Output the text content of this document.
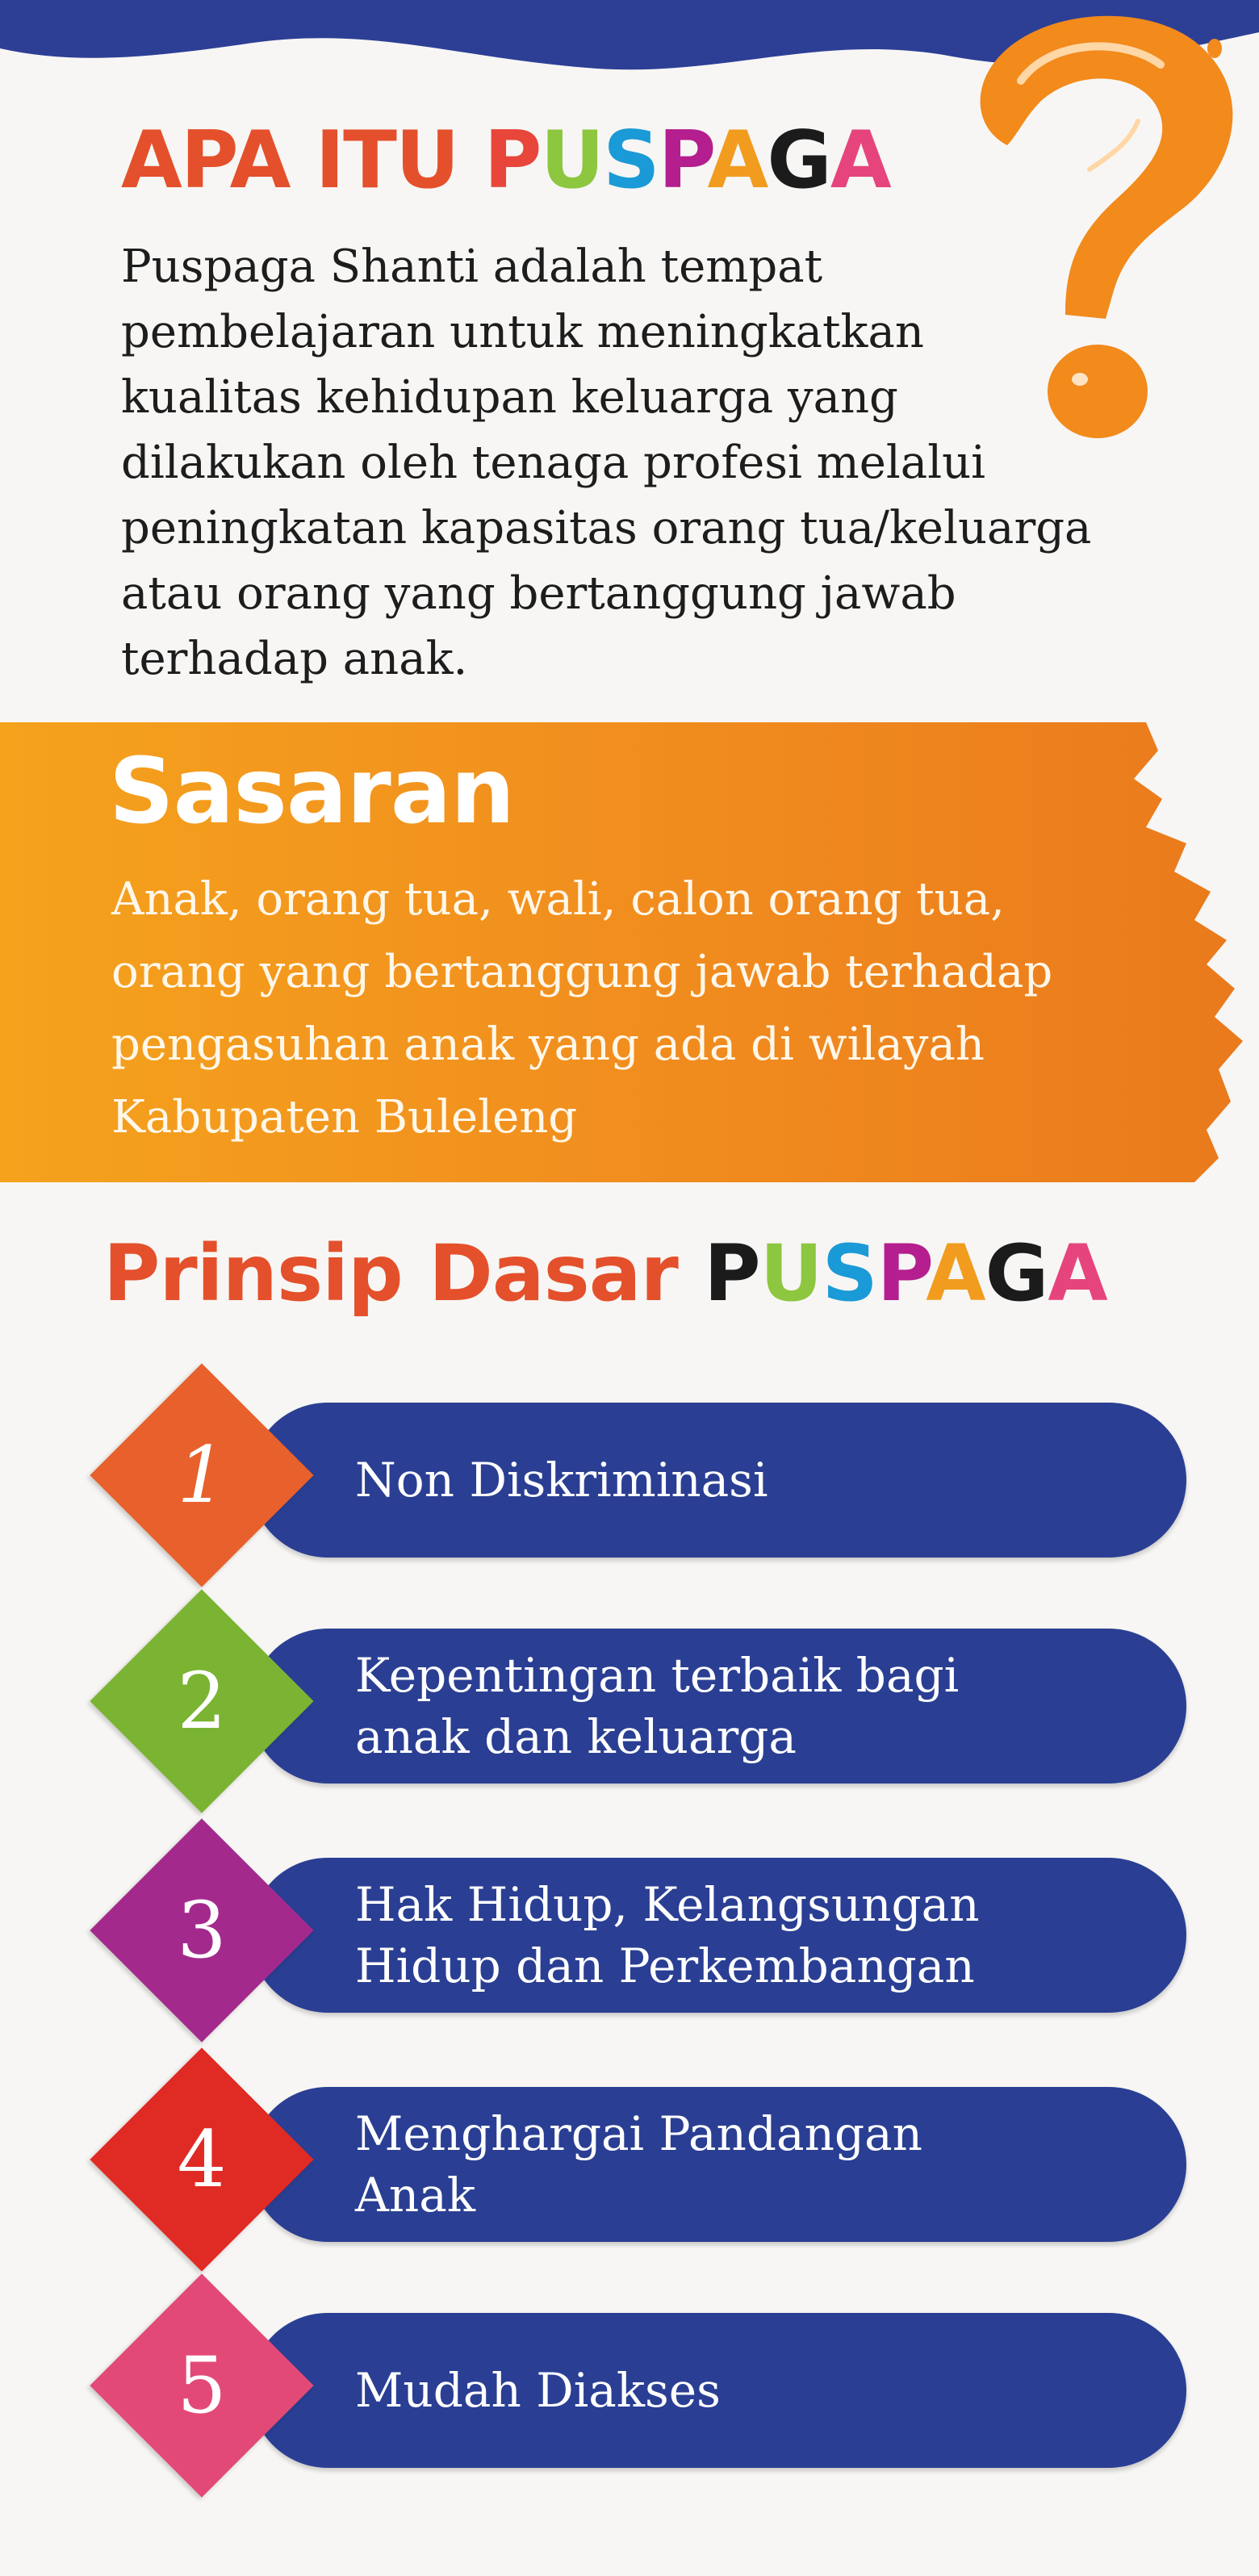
APA ITU PUSPAGA
Puspaga Shanti adalah tempat
pembelajaran untuk meningkatkan
kualitas kehidupan keluarga yang
dilakukan oleh tenaga profesi melalui
peningkatan kapasitas orang tua/keluarga
atau orang yang bertanggung jawab
terhadap anak.
Sasaran
Anak, orang tua, wali, calon orang tua,
orang yang bertanggung jawab terhadap
pengasuhan anak yang ada di wilayah
Kabupaten Buleleng
Prinsip Dasar PUSPAGA
Non Diskriminasi
1
Kepentingan terbaik bagi
anak dan keluarga
2
Hak Hidup, Kelangsungan
Hidup dan Perkembangan
3
Menghargai Pandangan
Anak
4
Mudah Diakses
5
